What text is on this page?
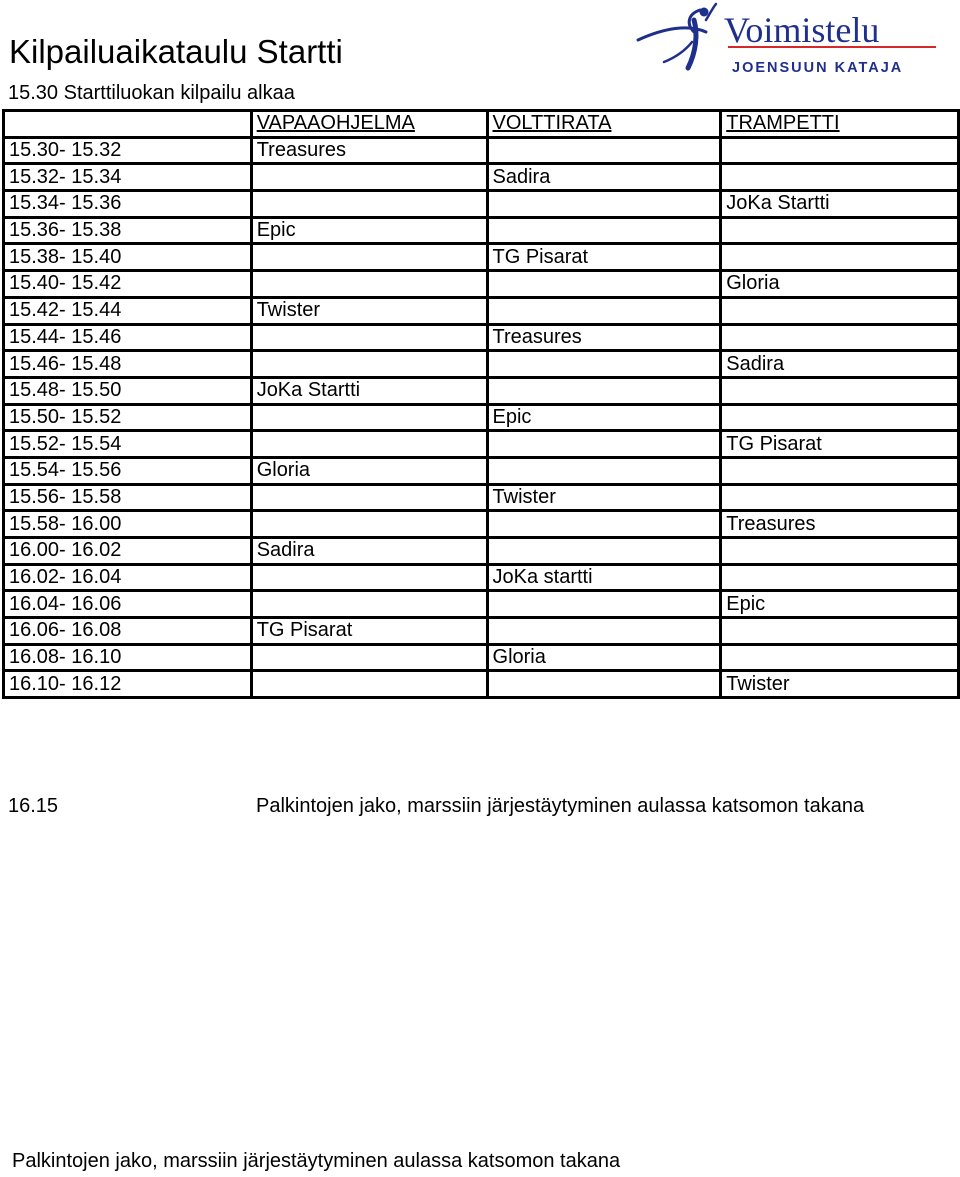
Kilpailuaikataulu Startti
15.30 Starttiluokan kilpailu alkaa
Voimistelu
JOENSUUN KATAJA
	VAPAAOHJELMA	VOLTTIRATA	TRAMPETTI
15.30- 15.32	Treasures		
15.32- 15.34		Sadira	
15.34- 15.36			JoKa Startti
15.36- 15.38	Epic		
15.38- 15.40		TG Pisarat	
15.40- 15.42			Gloria
15.42- 15.44	Twister		
15.44- 15.46		Treasures	
15.46- 15.48			Sadira
15.48- 15.50	JoKa Startti		
15.50- 15.52		Epic	
15.52- 15.54			TG Pisarat
15.54- 15.56	Gloria		
15.56- 15.58		Twister	
15.58- 16.00			Treasures
16.00- 16.02	Sadira		
16.02- 16.04		JoKa startti	
16.04- 16.06			Epic
16.06- 16.08	TG Pisarat		
16.08- 16.10		Gloria	
16.10- 16.12			Twister
16.15	Palkintojen jako, marssiin järjestäytyminen aulassa katsomon takana
Palkintojen jako, marssiin järjestäytyminen aulassa katsomon takana
